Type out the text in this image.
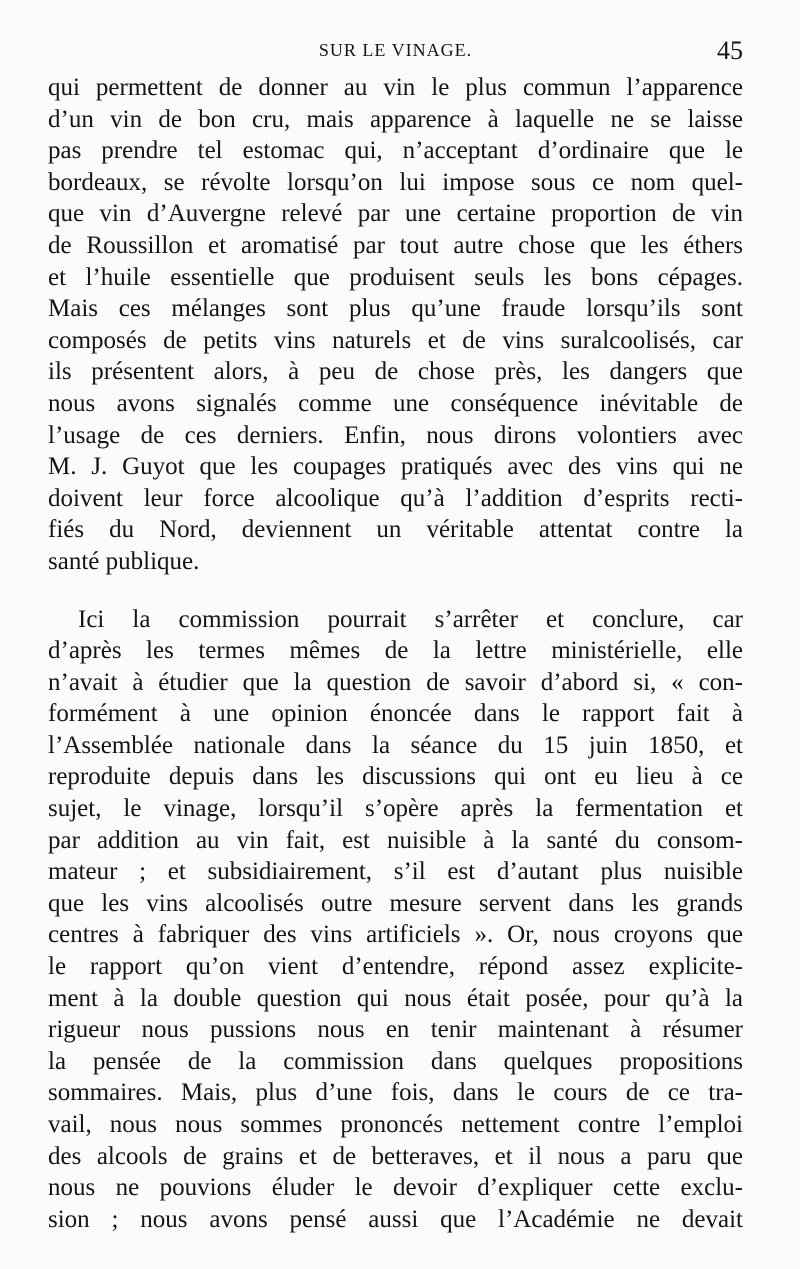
SUR LE VINAGE.	45
qui permettent de donner au vin le plus commun l’apparence
d’un vin de bon cru, mais apparence à laquelle ne se laisse
pas prendre tel estomac qui, n’acceptant d’ordinaire que le
bordeaux, se révolte lorsqu’on lui impose sous ce nom quel-
que vin d’Auvergne relevé par une certaine proportion de vin
de Roussillon et aromatisé par tout autre chose que les éthers
et l’huile essentielle que produisent seuls les bons cépages.
Mais ces mélanges sont plus qu’une fraude lorsqu’ils sont
composés de petits vins naturels et de vins suralcoolisés, car
ils présentent alors, à peu de chose près, les dangers que
nous avons signalés comme une conséquence inévitable de
l’usage de ces derniers. Enfin, nous dirons volontiers avec
M. J. Guyot que les coupages pratiqués avec des vins qui ne
doivent leur force alcoolique qu’à l’addition d’esprits recti-
fiés du Nord, deviennent un véritable attentat contre la
santé publique.
Ici la commission pourrait s’arrêter et conclure, car
d’après les termes mêmes de la lettre ministérielle, elle
n’avait à étudier que la question de savoir d’abord si, « con-
formément à une opinion énoncée dans le rapport fait à
l’Assemblée nationale dans la séance du 15 juin 1850, et
reproduite depuis dans les discussions qui ont eu lieu à ce
sujet, le vinage, lorsqu’il s’opère après la fermentation et
par addition au vin fait, est nuisible à la santé du consom-
mateur ; et subsidiairement, s’il est d’autant plus nuisible
que les vins alcoolisés outre mesure servent dans les grands
centres à fabriquer des vins artificiels ». Or, nous croyons que
le rapport qu’on vient d’entendre, répond assez explicite-
ment à la double question qui nous était posée, pour qu’à la
rigueur nous pussions nous en tenir maintenant à résumer
la pensée de la commission dans quelques propositions
sommaires. Mais, plus d’une fois, dans le cours de ce tra-
vail, nous nous sommes prononcés nettement contre l’emploi
des alcools de grains et de betteraves, et il nous a paru que
nous ne pouvions éluder le devoir d’expliquer cette exclu-
sion ; nous avons pensé aussi que l’Académie ne devait
